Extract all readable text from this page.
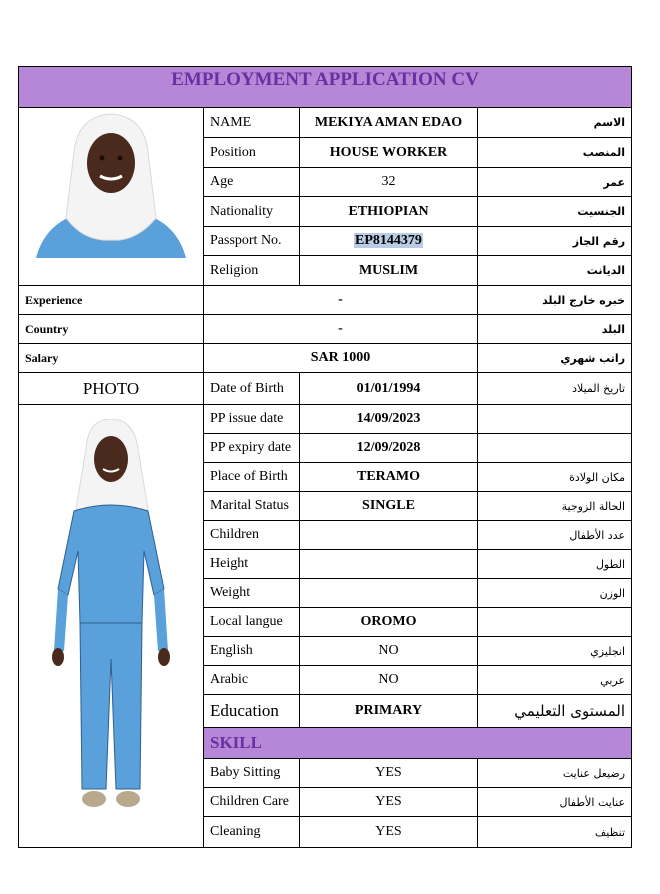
EMPLOYMENT APPLICATION CV			

	NAME	MEKIYA AMAN EDAO	الاسم
	Position	HOUSE WORKER	المنصب
	Age	32	عمر
	Nationality	ETHIOPIAN	الجنسيت
	Passport No.	EP8144379	رقم الجاز
	Religion	MUSLIM	الديانت
Experience	-		خبره خارج البلد
Country	-		البلد
Salary	SAR 1000		راتب شهري
PHOTO	Date of Birth	01/01/1994	تاريخ الميلاد

	PP issue date	14/09/2023	
	PP expiry date	12/09/2028	
	Place of Birth	TERAMO	مكان الولادة
	Marital Status	SINGLE	الحالة الزوجية
	Children		عدد الأطفال
	Height		الطول
	Weight		الوزن
	Local langue	OROMO	
	English	NO	انجليزي
	Arabic	NO	عربي
	Education	PRIMARY	المستوى التعليمي
	SKILL		
	Baby Sitting	YES	رضيعل عنايت
	Children Care	YES	عنايت الأطفال
	Cleaning	YES	تنظيف
